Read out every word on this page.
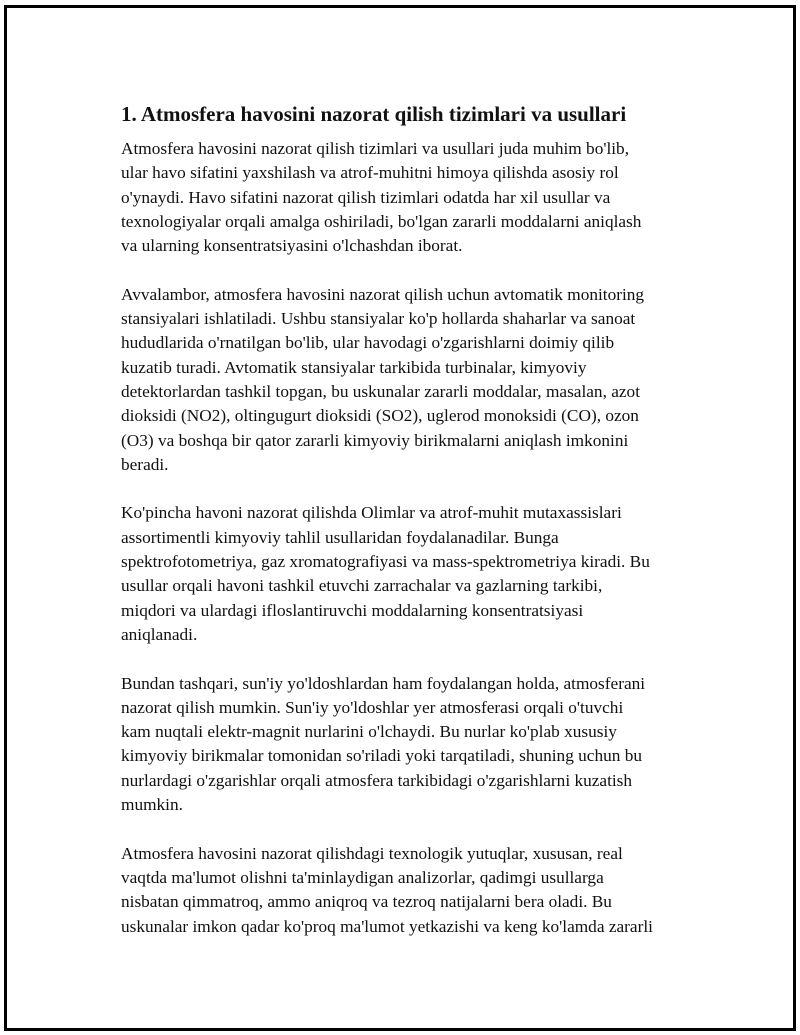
1. Atmosfera havosini nazorat qilish tizimlari va usullari
Atmosfera havosini nazorat qilish tizimlari va usullari juda muhim bo'lib,
ular havo sifatini yaxshilash va atrof-muhitni himoya qilishda asosiy rol
o'ynaydi. Havo sifatini nazorat qilish tizimlari odatda har xil usullar va
texnologiyalar orqali amalga oshiriladi, bo'lgan zararli moddalarni aniqlash
va ularning konsentratsiyasini o'lchashdan iborat.
Avvalambor, atmosfera havosini nazorat qilish uchun avtomatik monitoring
stansiyalari ishlatiladi. Ushbu stansiyalar ko'p hollarda shaharlar va sanoat
hududlarida o'rnatilgan bo'lib, ular havodagi o'zgarishlarni doimiy qilib
kuzatib turadi. Avtomatik stansiyalar tarkibida turbinalar, kimyoviy
detektorlardan tashkil topgan, bu uskunalar zararli moddalar, masalan, azot
dioksidi (NO2), oltingugurt dioksidi (SO2), uglerod monoksidi (CO), ozon
(O3) va boshqa bir qator zararli kimyoviy birikmalarni aniqlash imkonini
beradi.
Ko'pincha havoni nazorat qilishda Olimlar va atrof-muhit mutaxassislari
assortimentli kimyoviy tahlil usullaridan foydalanadilar. Bunga
spektrofotometriya, gaz xromatografiyasi va mass-spektrometriya kiradi. Bu
usullar orqali havoni tashkil etuvchi zarrachalar va gazlarning tarkibi,
miqdori va ulardagi ifloslantiruvchi moddalarning konsentratsiyasi
aniqlanadi.
Bundan tashqari, sun'iy yo'ldoshlardan ham foydalangan holda, atmosferani
nazorat qilish mumkin. Sun'iy yo'ldoshlar yer atmosferasi orqali o'tuvchi
kam nuqtali elektr-magnit nurlarini o'lchaydi. Bu nurlar ko'plab xususiy
kimyoviy birikmalar tomonidan so'riladi yoki tarqatiladi, shuning uchun bu
nurlardagi o'zgarishlar orqali atmosfera tarkibidagi o'zgarishlarni kuzatish
mumkin.
Atmosfera havosini nazorat qilishdagi texnologik yutuqlar, xususan, real
vaqtda ma'lumot olishni ta'minlaydigan analizorlar, qadimgi usullarga
nisbatan qimmatroq, ammo aniqroq va tezroq natijalarni bera oladi. Bu
uskunalar imkon qadar ko'proq ma'lumot yetkazishi va keng ko'lamda zararli
